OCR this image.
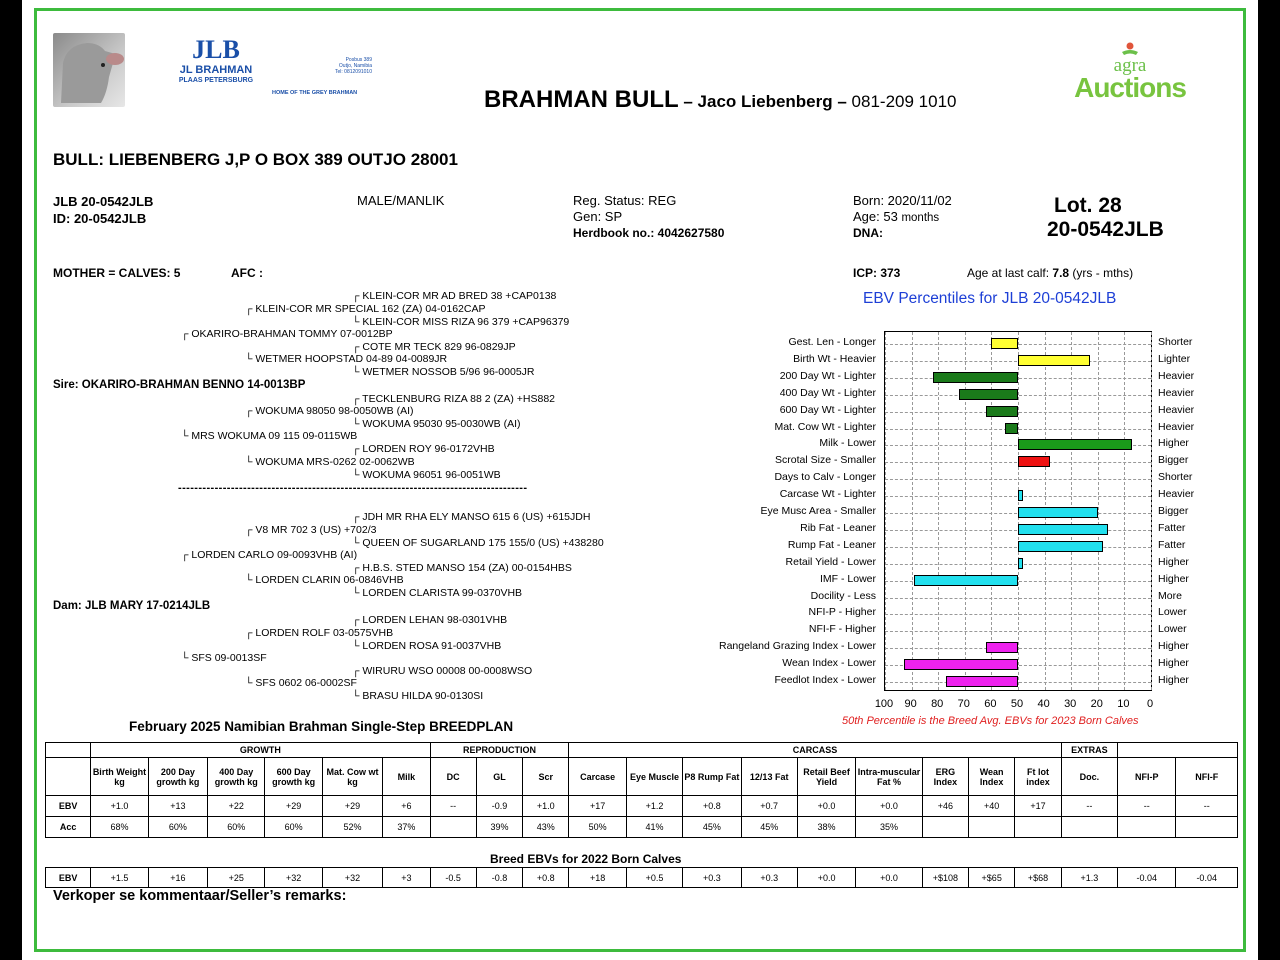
JLB
JL BRAHMAN
PLAAS PETERSBURG
Posbus 389
Outjo, Namibia
Tel: 0812091010
HOME OF THE GREY BRAHMAN	BRAHMAN BULL – Jaco Liebenberg – 081-209 1010
agra
Auctions
BULL: LIEBENBERG J,P O BOX 389 OUTJO 28001
JLB 20-0542JLB
ID: 20-0542JLB
MALE/MANLIK	Reg. Status: REG
Gen: SP
Herdbook no.: 4042627580
Born: 2020/11/02
Age: 53 months
DNA:
Lot. 28
20-0542JLB
MOTHER = CALVES: 5	AFC :	ICP: 373	Age at last calf: 7.8 (yrs - mths)
┌ KLEIN-COR MR AD BRED 38 +CAP0138
┌ KLEIN-COR MR SPECIAL 162 (ZA) 04-0162CAP
└ KLEIN-COR MISS RIZA 96 379 +CAP96379
┌ OKARIRO-BRAHMAN TOMMY 07-0012BP
┌ COTE MR TECK 829 96-0829JP
└ WETMER HOOPSTAD 04-89 04-0089JR
└ WETMER NOSSOB 5/96 96-0005JR
Sire: OKARIRO-BRAHMAN BENNO 14-0013BP
┌ TECKLENBURG RIZA 88 2 (ZA) +HS882
┌ WOKUMA 98050 98-0050WB (AI)
└ WOKUMA 95030 95-0030WB (AI)
└ MRS WOKUMA 09 115 09-0115WB
┌ LORDEN ROY 96-0172VHB
└ WOKUMA MRS-0262 02-0062WB
└ WOKUMA 96051 96-0051WB
--------------------------------------------------------------------------------------
┌ JDH MR RHA ELY MANSO 615 6 (US) +615JDH
┌ V8 MR 702 3 (US) +702/3
└ QUEEN OF SUGARLAND 175 155/0 (US) +438280
┌ LORDEN CARLO 09-0093VHB (AI)
┌ H.B.S. STED MANSO 154 (ZA) 00-0154HBS
└ LORDEN CLARIN 06-0846VHB
└ LORDEN CLARISTA 99-0370VHB
Dam: JLB MARY 17-0214JLB
┌ LORDEN LEHAN 98-0301VHB
┌ LORDEN ROLF 03-0575VHB
└ LORDEN ROSA 91-0037VHB
└ SFS 09-0013SF
┌ WIRURU WSO 00008 00-0008WSO
└ SFS 0602 06-0002SF
└ BRASU HILDA 90-0130SI
EBV Percentiles for JLB 20-0542JLB
Gest. Len - Longer	Shorter
Birth Wt - Heavier	Lighter
200 Day Wt - Lighter	Heavier
400 Day Wt - Lighter	Heavier
600 Day Wt - Lighter	Heavier
Mat. Cow Wt - Lighter	Heavier
Milk - Lower	Higher
Scrotal Size - Smaller	Bigger
Days to Calv - Longer	Shorter
Carcase Wt - Lighter	Heavier
Eye Musc Area - Smaller	Bigger
Rib Fat - Leaner	Fatter
Rump Fat - Leaner	Fatter
Retail Yield - Lower	Higher
IMF - Lower	Higher
Docility - Less	More
NFI-P - Higher	Lower
NFI-F - Higher	Lower
Rangeland Grazing Index - Lower	Higher
Wean Index - Lower	Higher
Feedlot Index - Lower	Higher
100	90	80	70	60	50	40	30	20	10	0
50th Percentile is the Breed Avg. EBVs for 2023 Born Calves
February 2025 Namibian Brahman Single-Step BREEDPLAN
	GROWTH						REPRODUCTION			CARCASS									EXTRAS		
	Birth Weight kg	200 Day growth kg	400 Day growth kg	600 Day growth kg	Mat. Cow wt kg	Milk	DC	GL	Scr	Carcase	Eye Muscle	P8 Rump Fat	12/13 Fat	Retail Beef Yield	Intra-muscular Fat %	ERG Index	Wean Index	Ft lot index	Doc.	NFI-P	NFI-F
EBV	+1.0	+13	+22	+29	+29	+6	--	-0.9	+1.0	+17	+1.2	+0.8	+0.7	+0.0	+0.0	+46	+40	+17	--	--	--
Acc	68%	60%	60%	60%	52%	37%		39%	43%	50%	41%	45%	45%	38%	35%						
Breed EBVs for 2022 Born Calves
EBV	+1.5	+16	+25	+32	+32	+3	-0.5	-0.8	+0.8	+18	+0.5	+0.3	+0.3	+0.0	+0.0	+$108	+$65	+$68	+1.3	-0.04	-0.04
Verkoper se kommentaar/Seller’s remarks:
